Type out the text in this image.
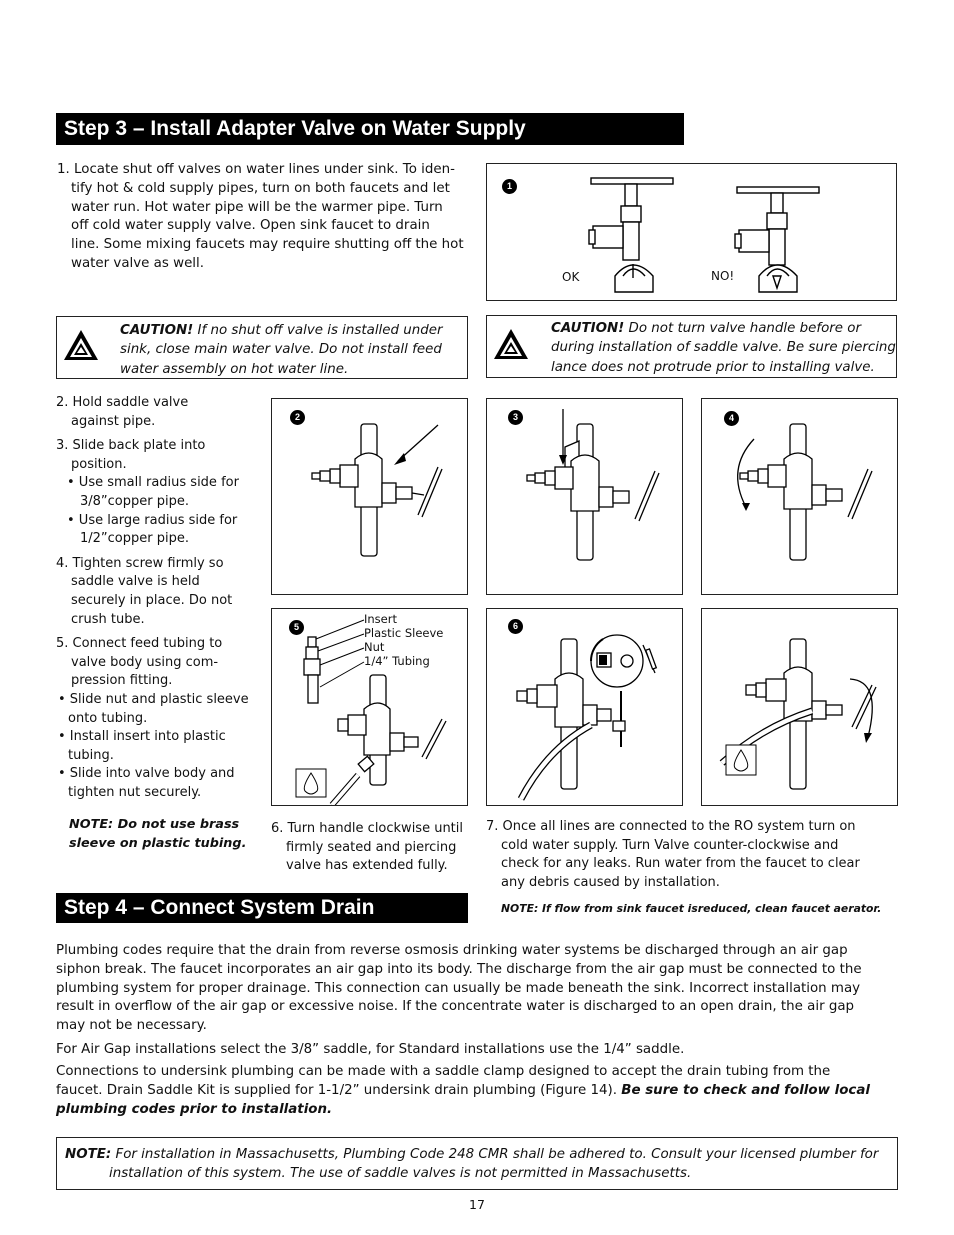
Step 3 – Install Adapter Valve on Water Supply
1. Locate shut off valves on water lines under sink. To iden-
tify hot & cold supply pipes, turn on both faucets and let
water run. Hot water pipe will be the warmer pipe. Turn
off cold water supply valve. Open sink faucet to drain
line. Some mixing faucets may require shutting off the hot
water valve as well.
1
OK	NO!
CAUTION! If no shut off valve is installed under
sink, close main water valve. Do not install feed
water assembly on hot water line.
CAUTION! Do not turn valve handle before or
during installation of saddle valve. Be sure piercing
lance does not protrude prior to installing valve.
2. Hold saddle valve
against pipe.
3. Slide back plate into
position.
• Use small radius side for
3/8”copper pipe.
• Use large radius side for
1/2”copper pipe.
4. Tighten screw firmly so
saddle valve is held
securely in place. Do not
crush tube.
5. Connect feed tubing to
valve body using com-
pression fitting.
• Slide nut and plastic sleeve
onto tubing.
• Install insert into plastic
tubing.
• Slide into valve body and
tighten nut securely.
NOTE: Do not use brass
sleeve on plastic tubing.
2	3	4
5
Insert
Plastic Sleeve
Nut
1/4” Tubing
6
6. Turn handle clockwise until
firmly seated and piercing
valve has extended fully.
7. Once all lines are connected to the RO system turn on
cold water supply. Turn Valve counter-clockwise and
check for any leaks. Run water from the faucet to clear
any debris caused by installation.
NOTE: If flow from sink faucet isreduced, clean faucet aerator.
Step 4 – Connect System Drain
Plumbing codes require that the drain from reverse osmosis drinking water systems be discharged through an air gap
siphon break. The faucet incorporates an air gap into its body. The discharge from the air gap must be connected to the
plumbing system for proper drainage. This connection can usually be made beneath the sink. Incorrect installation may
result in overflow of the air gap or excessive noise. If the concentrate water is discharged to an open drain, the air gap
may not be necessary.
For Air Gap installations select the 3/8” saddle, for Standard installations use the 1/4” saddle.
Connections to undersink plumbing can be made with a saddle clamp designed to accept the drain tubing from the
faucet. Drain Saddle Kit is supplied for 1-1/2” undersink drain plumbing (Figure 14). Be sure to check and follow local
plumbing codes prior to installation.
NOTE: For installation in Massachusetts, Plumbing Code 248 CMR shall be adhered to. Consult your licensed plumber for
installation of this system. The use of saddle valves is not permitted in Massachusetts.
17
